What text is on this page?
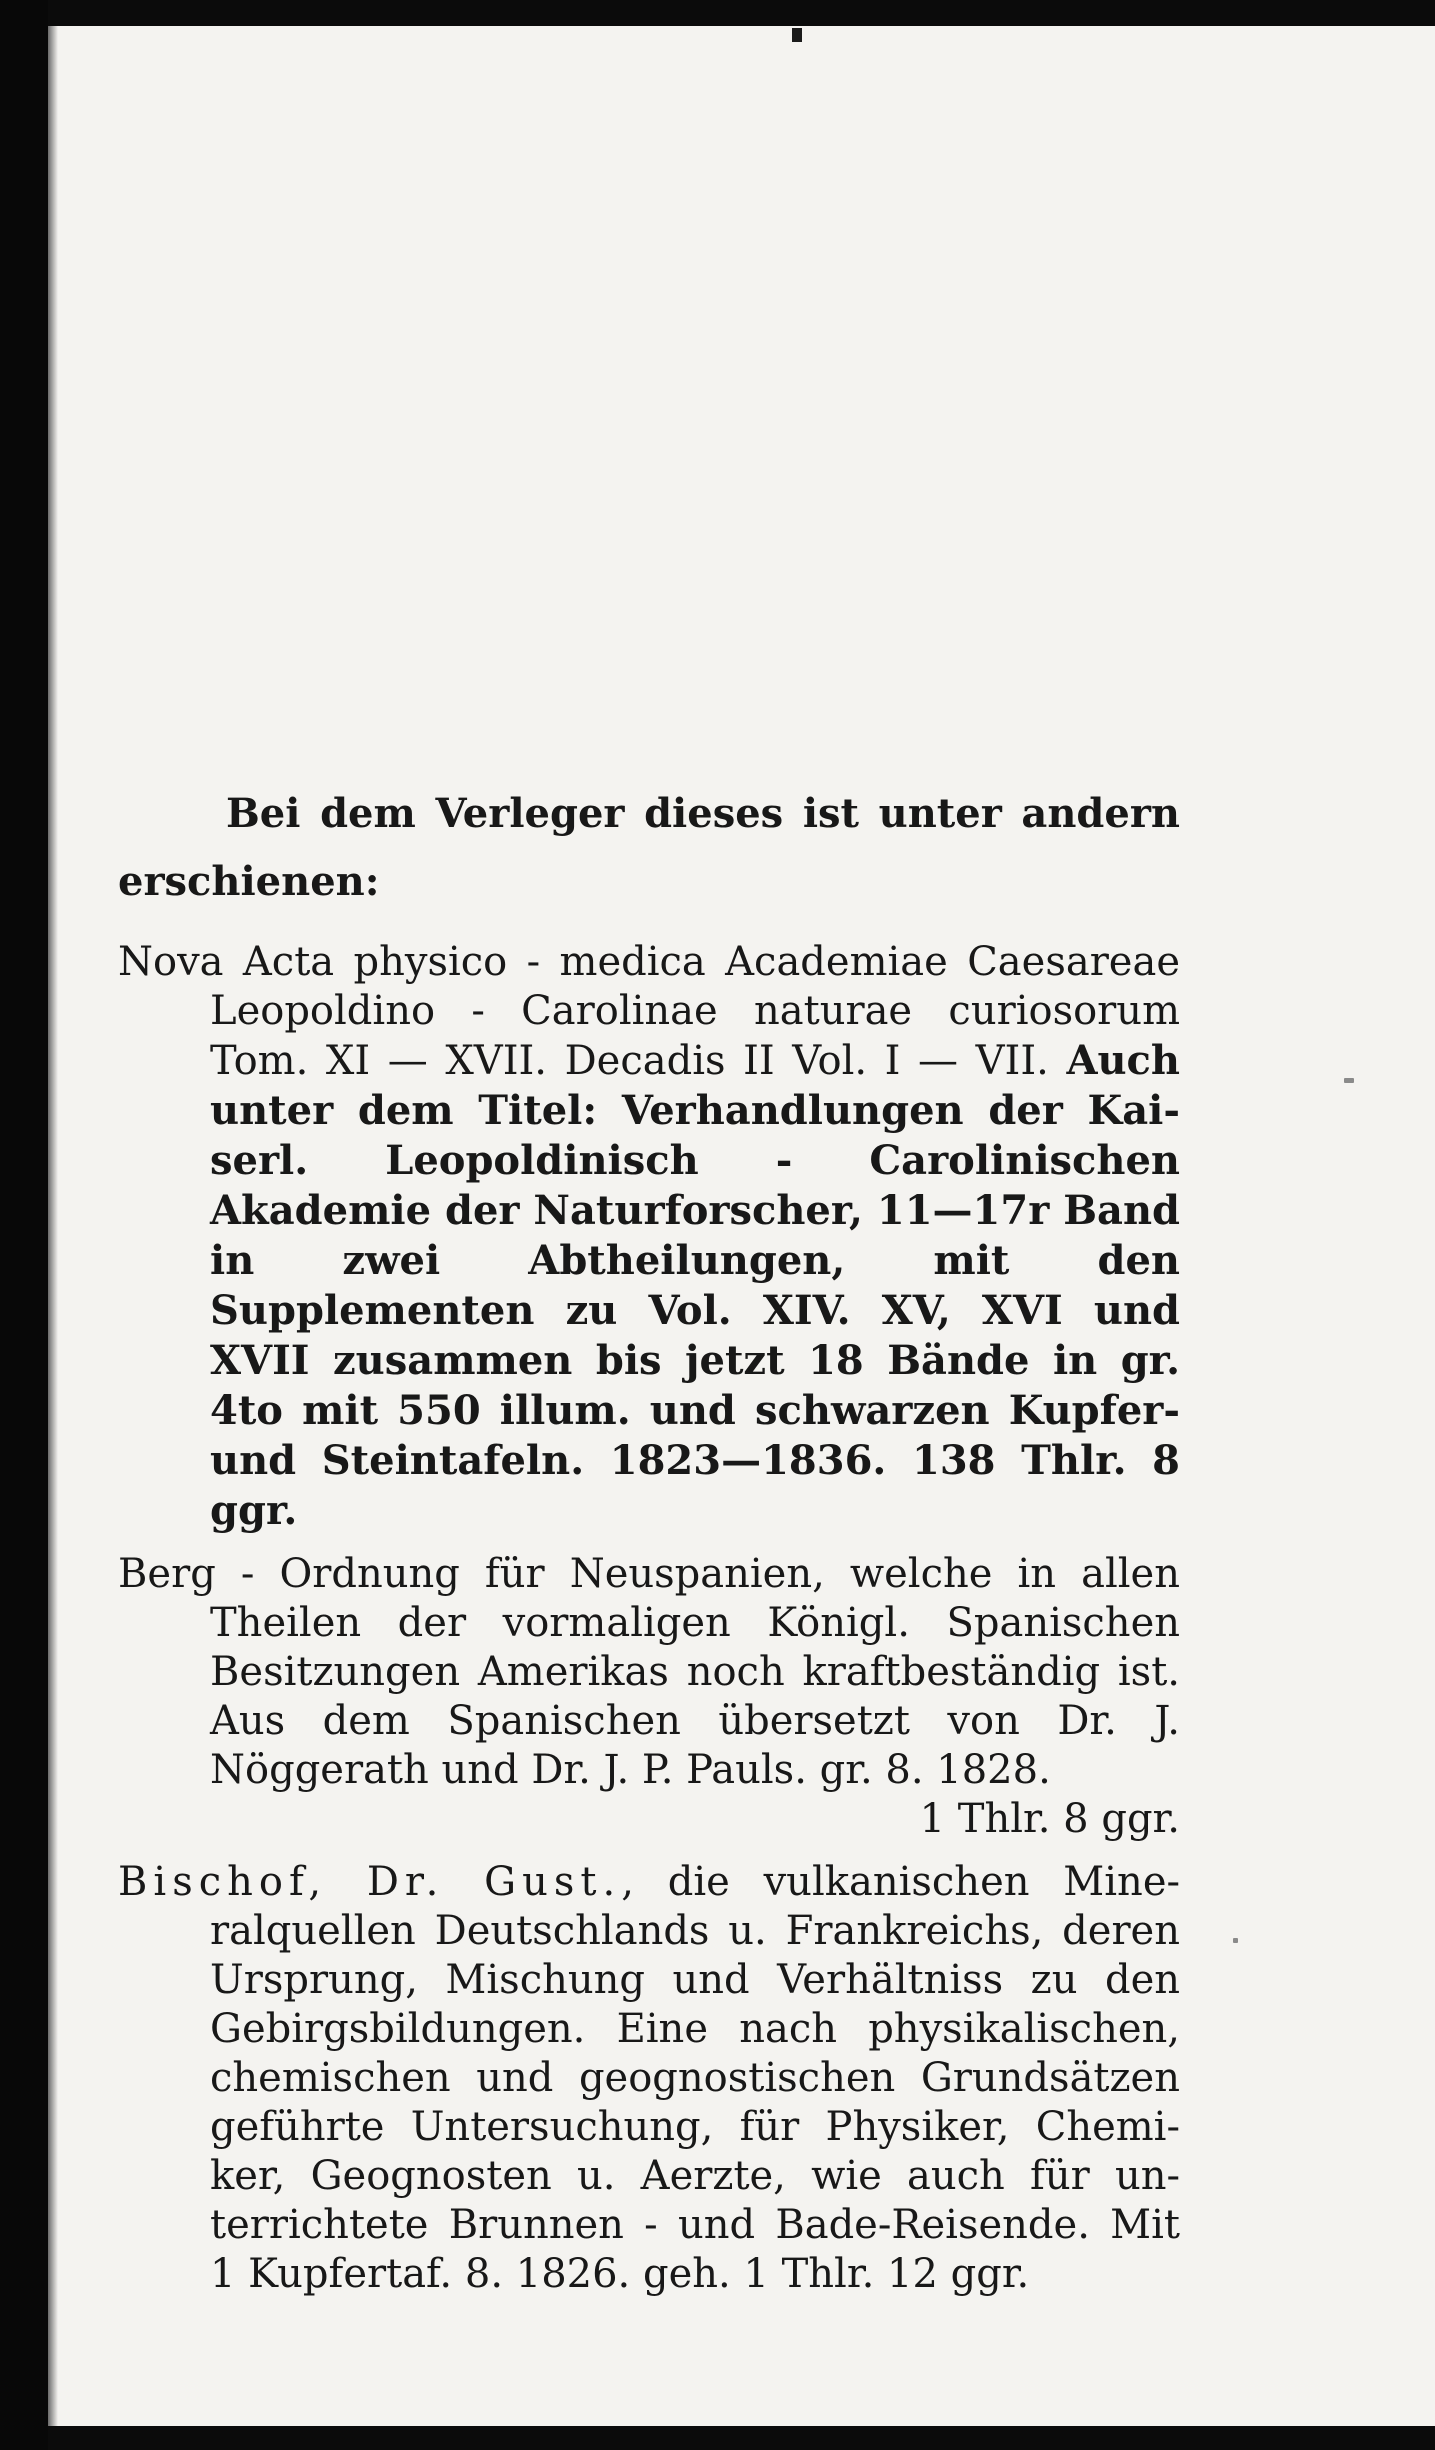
Bei dem Verleger dieses ist unter andern erschienen:

Nova Acta physico - medica Academiae Caesareae Leopoldino - Carolinae naturae curiosorum Tom. XI — XVII. Decadis II Vol. I — VII. Auch unter dem Titel: Verhandlungen der Kaiserl. Leopoldinisch - Carolinischen Akademie der Naturforscher, 11—17r Band in zwei Abtheilungen, mit den Supplementen zu Vol. XIV. XV, XVI und XVII zusammen bis jetzt 18 Bände in gr. 4to mit 550 illum. und schwarzen Kupfer und Steintafeln. 1823—1836. 138 Thlr. 8 ggr.

Berg - Ordnung für Neuspanien, welche in allen Theilen der vormaligen Königl. Spanischen Besitzungen Amerikas noch kraftbeständig ist. Aus dem Spanischen übersetzt von Dr. J. Nöggerath und Dr. J. P. Pauls. gr. 8. 1828.
1 Thlr. 8 ggr.

Bischof, Dr. Gust., die vulkanischen Mineralquellen Deutschlands u. Frankreichs, deren Ursprung, Mischung und Verhältniss zu den Gebirgsbildungen. Eine nach physikalischen, chemischen und geognostischen Grundsätzen geführte Untersuchung, für Physiker, Chemiker, Geognosten u. Aerzte, wie auch für unterrichtete Brunnen - und Bade-Reisende. Mit 1 Kupfertaf. 8. 1826. geh. 1 Thlr. 12 ggr.
